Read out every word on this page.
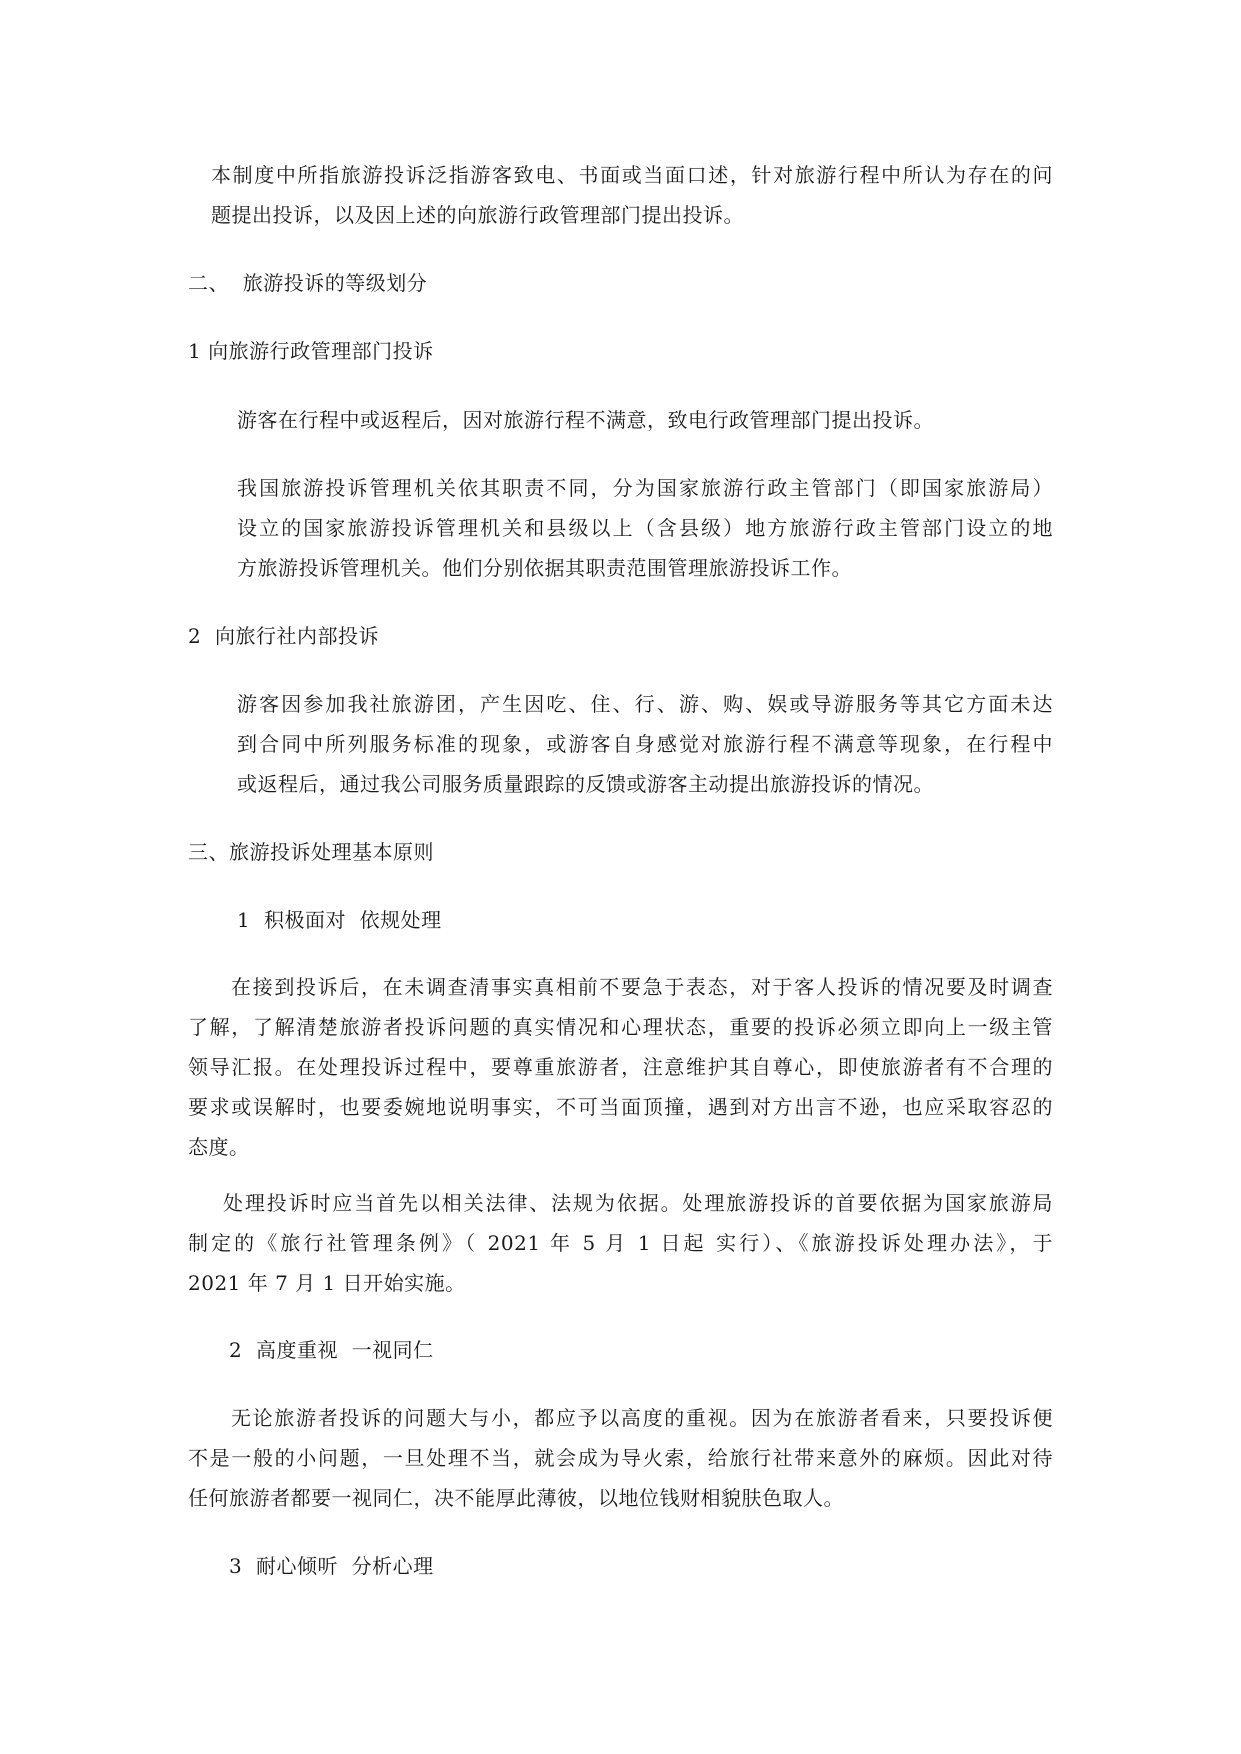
本制度中所指旅游投诉泛指游客致电、书面或当面口述，针对旅游行程中所认为存在的问
题提出投诉，以及因上述的向旅游行政管理部门提出投诉。
二、  旅游投诉的等级划分
1 向旅游行政管理部门投诉
游客在行程中或返程后，因对旅游行程不满意，致电行政管理部门提出投诉。
我国旅游投诉管理机关依其职责不同，分为国家旅游行政主管部门（即国家旅游局）
设立的国家旅游投诉管理机关和县级以上（含县级）地方旅游行政主管部门设立的地
方旅游投诉管理机关。他们分别依据其职责范围管理旅游投诉工作。
2  向旅行社内部投诉
游客因参加我社旅游团，产生因吃、住、行、游、购、娱或导游服务等其它方面未达
到合同中所列服务标准的现象，或游客自身感觉对旅游行程不满意等现象，在行程中
或返程后，通过我公司服务质量跟踪的反馈或游客主动提出旅游投诉的情况。
三、旅游投诉处理基本原则
1  积极面对  依规处理
在接到投诉后，在未调查清事实真相前不要急于表态，对于客人投诉的情况要及时调查
了解，了解清楚旅游者投诉问题的真实情况和心理状态，重要的投诉必须立即向上一级主管
领导汇报。在处理投诉过程中，要尊重旅游者，注意维护其自尊心，即使旅游者有不合理的
要求或误解时，也要委婉地说明事实，不可当面顶撞，遇到对方出言不逊，也应采取容忍的
态度。
处理投诉时应当首先以相关法律、法规为依据。处理旅游投诉的首要依据为国家旅游局
制定的《旅行社管理条例》（ 2021 年 5 月 1 日起 实行）、《旅游投诉处理办法》，于
2021 年 7 月 1 日开始实施。
2  高度重视  一视同仁
无论旅游者投诉的问题大与小，都应予以高度的重视。因为在旅游者看来，只要投诉便
不是一般的小问题，一旦处理不当，就会成为导火索，给旅行社带来意外的麻烦。因此对待
任何旅游者都要一视同仁，决不能厚此薄彼，以地位钱财相貌肤色取人。
3  耐心倾听  分析心理
